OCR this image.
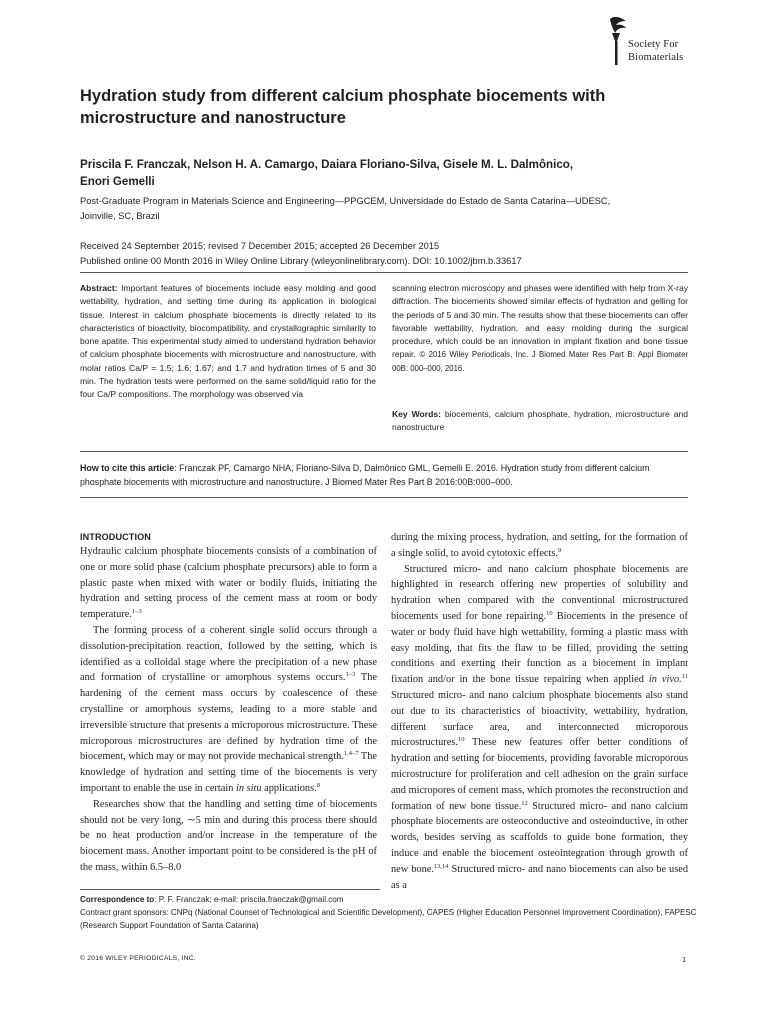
Society For
Biomaterials
Hydration study from different calcium phosphate biocements with microstructure and nanostructure
Priscila F. Franczak, Nelson H. A. Camargo, Daiara Floriano-Silva, Gisele M. L. Dalmônico,
Enori Gemelli
Post-Graduate Program in Materials Science and Engineering—PPGCEM, Universidade do Estado de Santa Catarina—UDESC,
Joinville, SC, Brazil
Received 24 September 2015; revised 7 December 2015; accepted 26 December 2015
Published online 00 Month 2016 in Wiley Online Library (wileyonlinelibrary.com). DOI: 10.1002/jbm.b.33617
Abstract: Important features of biocements include easy molding and good wettability, hydration, and setting time during its application in biological tissue. Interest in calcium phosphate biocements is directly related to its characteristics of bioactivity, biocompatibility, and crystallographic similarity to bone apatite. This experimental study aimed to understand hydration behavior of calcium phosphate biocements with microstructure and nanostructure, with molar ratios Ca/P = 1.5; 1.6; 1.67; and 1.7 and hydration times of 5 and 30 min. The hydration tests were performed on the same solid/liquid ratio for the four Ca/P compositions. The morphology was observed via
scanning electron microscopy and phases were identified with help from X-ray diffraction. The biocements showed similar effects of hydration and gelling for the periods of 5 and 30 min. The results show that these biocements can offer favorable wettability, hydration, and easy molding during the surgical procedure, which could be an innovation in implant fixation and bone tissue repair. © 2016 Wiley Periodicals, Inc. J Biomed Mater Res Part B: Appl Biomater 00B: 000–000, 2016.
Key Words: biocements, calcium phosphate, hydration, microstructure and nanostructure
How to cite this article: Franczak PF, Camargo NHA, Floriano-Silva D, Dalmônico GML, Gemelli E. 2016. Hydration study from different calcium phosphate biocements with microstructure and nanostructure. J Biomed Mater Res Part B 2016:00B:000–000.
INTRODUCTION

Hydraulic calcium phosphate biocements consists of a combination of one or more solid phase (calcium phosphate precursors) able to form a plastic paste when mixed with water or bodily fluids, initiating the hydration and setting process of the cement mass at room or body temperature.$^{1-3}$

The forming process of a coherent single solid occurs through a dissolution-precipitation reaction, followed by the setting, which is identified as a colloidal stage where the precipitation of a new phase and formation of crystalline or amorphous systems occurs.$^{1-3}$ The hardening of the cement mass occurs by coalescence of these crystalline or amorphous systems, leading to a more stable and irreversible structure that presents a microporous microstructure. These microporous microstructures are defined by hydration time of the biocement, which may or may not provide mechanical strength.$^{1,4-7}$ The knowledge of hydration and setting time of the biocements is very important to enable the use in certain in situ applications.$^8$

Researches show that the handling and setting time of biocements should not be very long, ∼5 min and during this process there should be no heat production and/or increase in the temperature of the biocement mass. Another important point to be considered is the pH of the mass, within 6.5–8.0

during the mixing process, hydration, and setting, for the formation of a single solid, to avoid cytotoxic effects.$^9$

Structured micro- and nano calcium phosphate biocements are highlighted in research offering new properties of solubility and hydration when compared with the conventional microstructured biocements used for bone repairing.$^{10}$ Biocements in the presence of water or body fluid have high wettability, forming a plastic mass with easy molding, that fits the flaw to be filled, providing the setting conditions and exerting their function as a biocement in implant fixation and/or in the bone tissue repairing when applied in vivo.$^{11}$ Structured micro- and nano calcium phosphate biocements also stand out due to its characteristics of bioactivity, wettability, hydration, different surface area, and interconnected microporous microstructures.$^{10}$ These new features offer better conditions of hydration and setting for biocements, providing favorable microporous microstructure for proliferation and cell adhesion on the grain surface and micropores of cement mass, which promotes the reconstruction and formation of new bone tissue.$^{12}$ Structured micro- and nano calcium phosphate biocements are osteoconductive and osteoinductive, in other words, besides serving as scaffolds to guide bone formation, they induce and enable the biocement osteointegration through growth of new bone.$^{13,14}$ Structured micro- and nano biocements can also be used as a

Correspondence to: P. F. Franczak; e-mail: priscila.franczak@gmail.com
Contract grant sponsors: CNPq (National Counsel of Technological and Scientific Development), CAPES (Higher Education Personnel Improvement Coordination), FAPESC (Research Support Foundation of Santa Catarina)
© 2016 WILEY PERIODICALS, INC.	1
